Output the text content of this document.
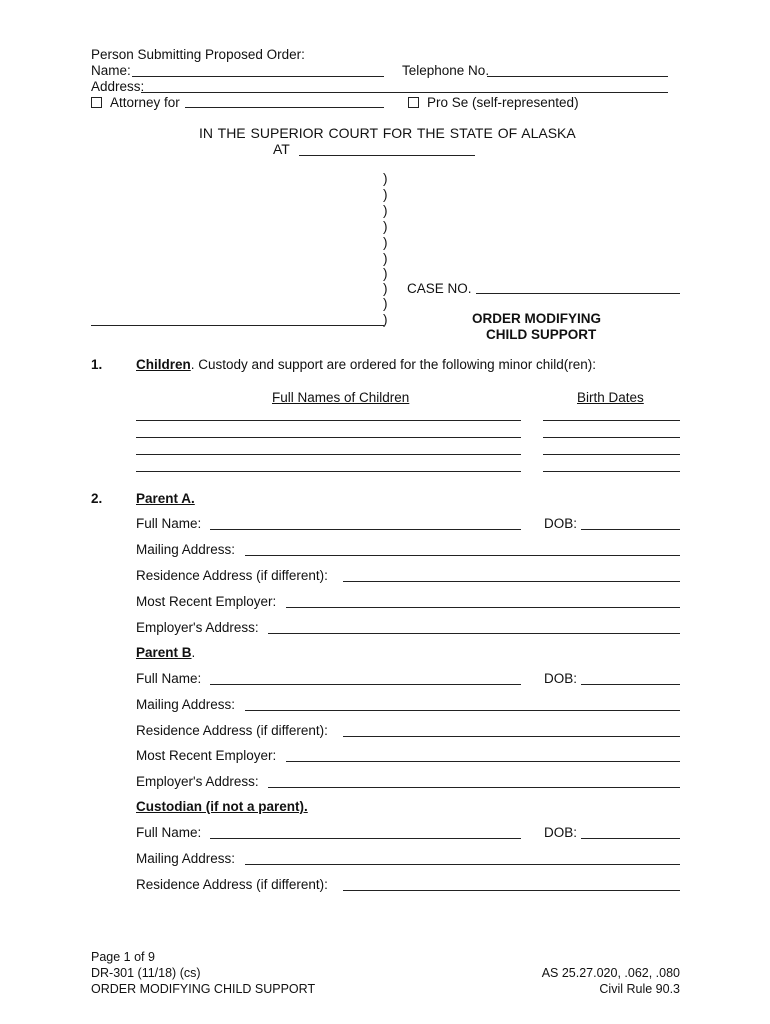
Person Submitting Proposed Order:
Name:	Telephone No.
Address:
Attorney for	Pro Se (self-represented)
IN THE SUPERIOR COURT FOR THE STATE OF ALASKA
AT
)
)
)
)
)
)
)
)
)
)
CASE NO.
ORDER MODIFYING
CHILD SUPPORT
1. Children. Custody and support are ordered for the following minor child(ren):
Full Names of Children	Birth Dates
2. Parent A.
Full Name:	DOB:
Mailing Address:
Residence Address (if different):
Most Recent Employer:
Employer's Address:
Parent B.
Full Name:	DOB:
Mailing Address:
Residence Address (if different):
Most Recent Employer:
Employer's Address:
Custodian (if not a parent).
Full Name:	DOB:
Mailing Address:
Residence Address (if different):
Page 1 of 9
DR-301 (11/18) (cs)
ORDER MODIFYING CHILD SUPPORT
AS 25.27.020, .062, .080
Civil Rule 90.3
